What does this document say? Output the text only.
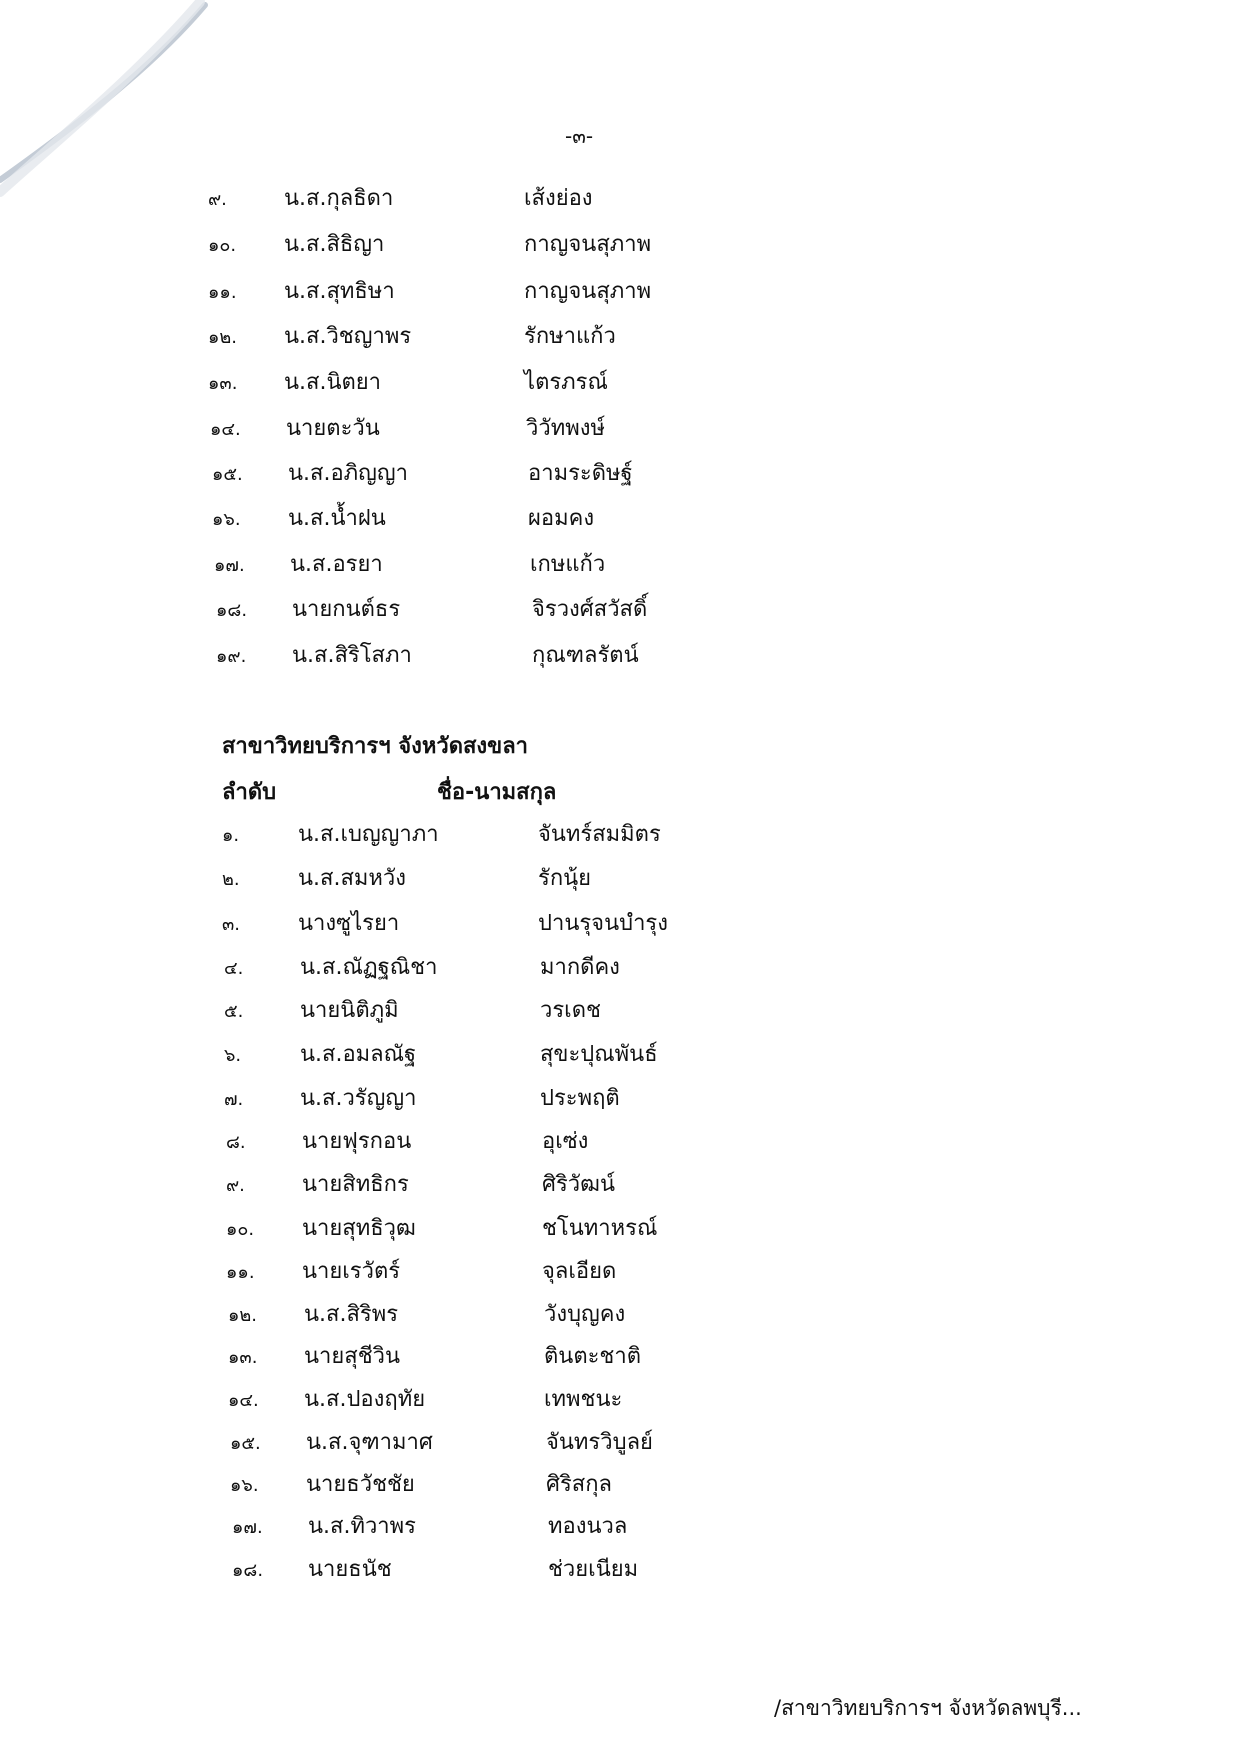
-๓-
๙.	น.ส.กุลธิดา	เส้งย่อง
๑๐. น.ส.สิธิญา	กาญจนสุภาพ
๑๑. น.ส.สุทธิษา	กาญจนสุภาพ
๑๒. น.ส.วิชญาพร	รักษาแก้ว
๑๓. น.ส.นิตยา	ไตรภรณ์
๑๔. นายตะวัน	วิวัทพงษ์
๑๕. น.ส.อภิญญา	อามระดิษฐ์
๑๖. น.ส.น้ำฝน	ผอมคง
๑๗. น.ส.อรยา	เกษแก้ว
๑๘. นายกนต์ธร	จิรวงศ์สวัสดิ์
๑๙. น.ส.สิริโสภา	กุณฑลรัตน์
สาขาวิทยบริการฯ จังหวัดสงขลา
ลำดับ	ชื่อ-นามสกุล
๑.	น.ส.เบญญาภา	จันทร์สมมิตร
๒.	น.ส.สมหวัง	รักนุ้ย
๓.	นางซูไรยา	ปานรุจนบำรุง
๔.	น.ส.ณัฏฐณิชา	มากดีคง
๕.	นายนิติภูมิ	วรเดช
๖.	น.ส.อมลณัฐ	สุขะปุณพันธ์
๗.	น.ส.วรัญญา	ประพฤติ
๘.	นายฟุรกอน	อุเซ่ง
๙.	นายสิทธิกร	ศิริวัฒน์
๑๐. นายสุทธิวุฒ	ชโนทาหรณ์
๑๑. นายเรวัตร์	จุลเอียด
๑๒. น.ส.สิริพร	วังบุญคง
๑๓. นายสุชีวิน	ตินตะชาติ
๑๔. น.ส.ปองฤทัย	เทพชนะ
๑๕. น.ส.จุฑามาศ	จันทรวิบูลย์
๑๖. นายธวัชชัย	ศิริสกุล
๑๗. น.ส.ทิวาพร	ทองนวล
๑๘. นายธนัช	ช่วยเนียม
/สาขาวิทยบริการฯ จังหวัดลพบุรี...
